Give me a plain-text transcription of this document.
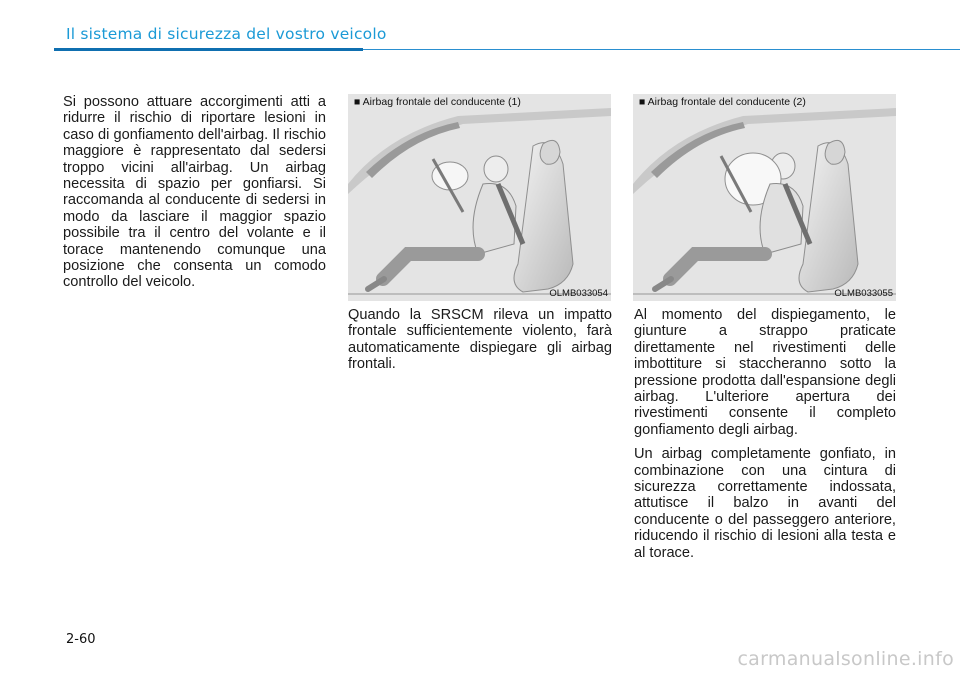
Il sistema di sicurezza del vostro veicolo

Si possono attuare accorgimenti atti a ridurre il rischio di riportare lesioni in caso di gonfiamento dell'airbag. Il rischio maggiore è rappresentato dal sedersi troppo vicini all'airbag. Un airbag necessita di spazio per gonfiarsi. Si raccomanda al conducente di sedersi in modo da lasciare il maggior spazio possibile tra il centro del volante e il torace mantenendo comunque una posizione che consenta un comodo controllo del veicolo.

■ Airbag frontale del conducente (1)
OLMB033054
■ Airbag frontale del conducente (2)
OLMB033055

Quando la SRSCM rileva un impatto frontale sufficientemente violento, farà automaticamente dispiegare gli airbag frontali.

Al momento del dispiegamento, le giunture a strappo praticate direttamente nel rivestimenti delle imbottiture si staccheranno sotto la pressione prodotta dall'espansione degli airbag. L'ulteriore apertura dei rivestimenti consente il completo gonfiamento degli airbag.

Un airbag completamente gonfiato, in combinazione con una cintura di sicurezza correttamente indossata, attutisce il balzo in avanti del conducente o del passeggero anteriore, riducendo il rischio di lesioni alla testa e al torace.

2-60
carmanualsonline.info
